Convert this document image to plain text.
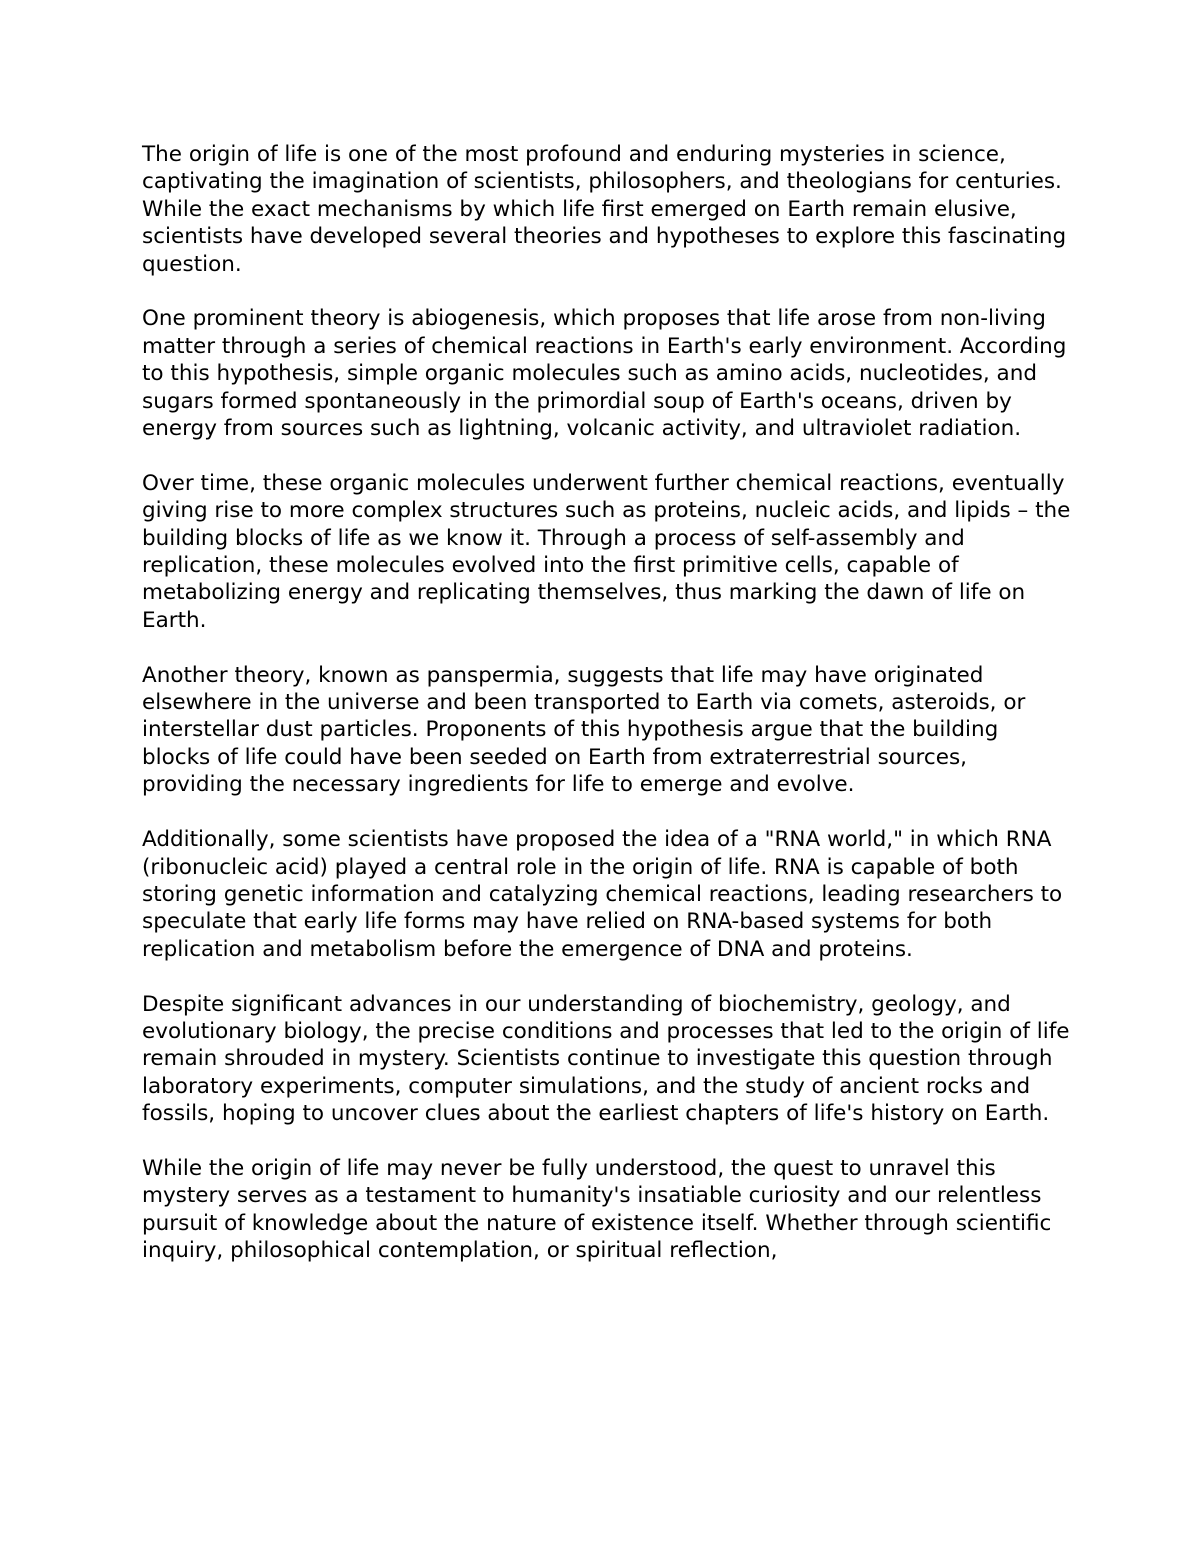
The origin of life is one of the most profound and enduring mysteries in science, captivating the imagination of scientists, philosophers, and theologians for centuries. While the exact mechanisms by which life first emerged on Earth remain elusive, scientists have developed several theories and hypotheses to explore this fascinating question.

One prominent theory is abiogenesis, which proposes that life arose from non-living matter through a series of chemical reactions in Earth's early environment. According to this hypothesis, simple organic molecules such as amino acids, nucleotides, and sugars formed spontaneously in the primordial soup of Earth's oceans, driven by energy from sources such as lightning, volcanic activity, and ultraviolet radiation.

Over time, these organic molecules underwent further chemical reactions, eventually giving rise to more complex structures such as proteins, nucleic acids, and lipids – the building blocks of life as we know it. Through a process of self-assembly and replication, these molecules evolved into the first primitive cells, capable of metabolizing energy and replicating themselves, thus marking the dawn of life on Earth.

Another theory, known as panspermia, suggests that life may have originated elsewhere in the universe and been transported to Earth via comets, asteroids, or interstellar dust particles. Proponents of this hypothesis argue that the building blocks of life could have been seeded on Earth from extraterrestrial sources, providing the necessary ingredients for life to emerge and evolve.

Additionally, some scientists have proposed the idea of a "RNA world," in which RNA (ribonucleic acid) played a central role in the origin of life. RNA is capable of both storing genetic information and catalyzing chemical reactions, leading researchers to speculate that early life forms may have relied on RNA-based systems for both replication and metabolism before the emergence of DNA and proteins.

Despite significant advances in our understanding of biochemistry, geology, and evolutionary biology, the precise conditions and processes that led to the origin of life remain shrouded in mystery. Scientists continue to investigate this question through laboratory experiments, computer simulations, and the study of ancient rocks and fossils, hoping to uncover clues about the earliest chapters of life's history on Earth.

While the origin of life may never be fully understood, the quest to unravel this mystery serves as a testament to humanity's insatiable curiosity and our relentless pursuit of knowledge about the nature of existence itself. Whether through scientific inquiry, philosophical contemplation, or spiritual reflection,
